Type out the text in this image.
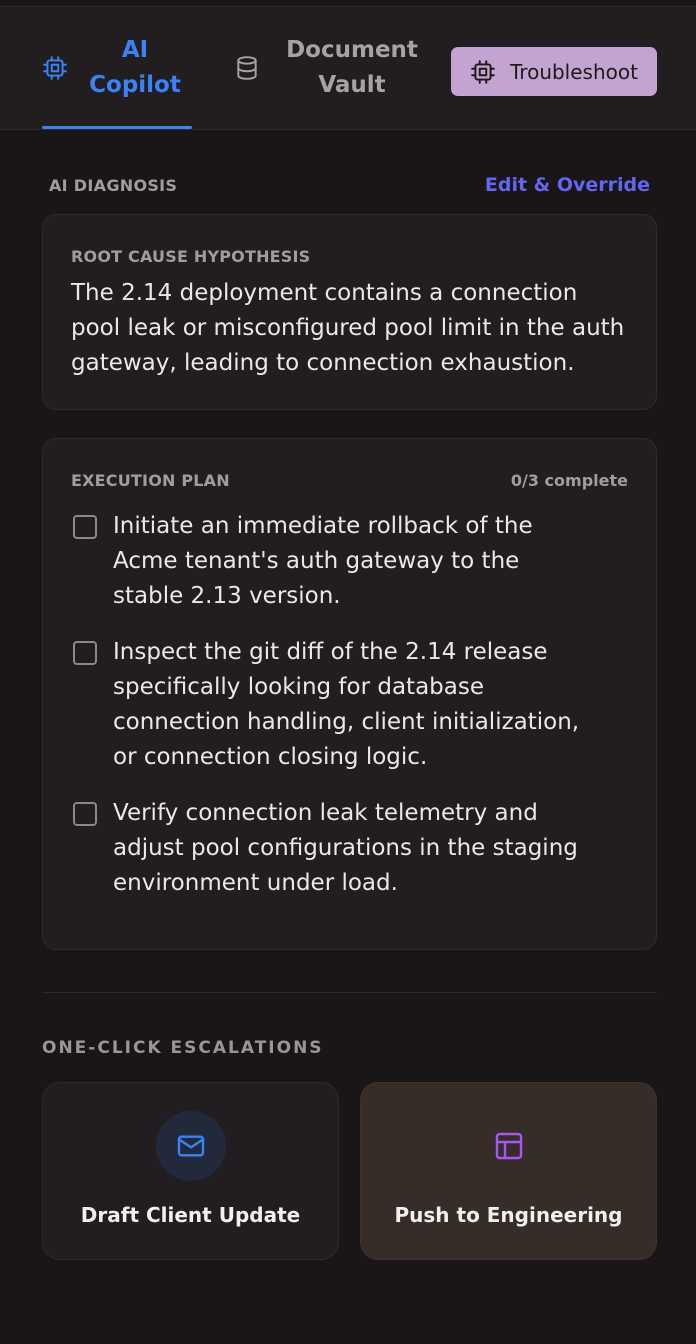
AI Copilot
Document Vault
Troubleshoot
AI DIAGNOSIS	Edit & Override
ROOT CAUSE HYPOTHESIS
The 2.14 deployment contains a connection pool leak or misconfigured pool limit in the auth gateway, leading to connection exhaustion.
EXECUTION PLAN	0/3 complete
Initiate an immediate rollback of the Acme tenant's auth gateway to the stable 2.13 version.
Inspect the git diff of the 2.14 release specifically looking for database connection handling, client initialization, or connection closing logic.
Verify connection leak telemetry and adjust pool configurations in the staging environment under load.
ONE-CLICK ESCALATIONS
Draft Client Update	Push to Engineering
